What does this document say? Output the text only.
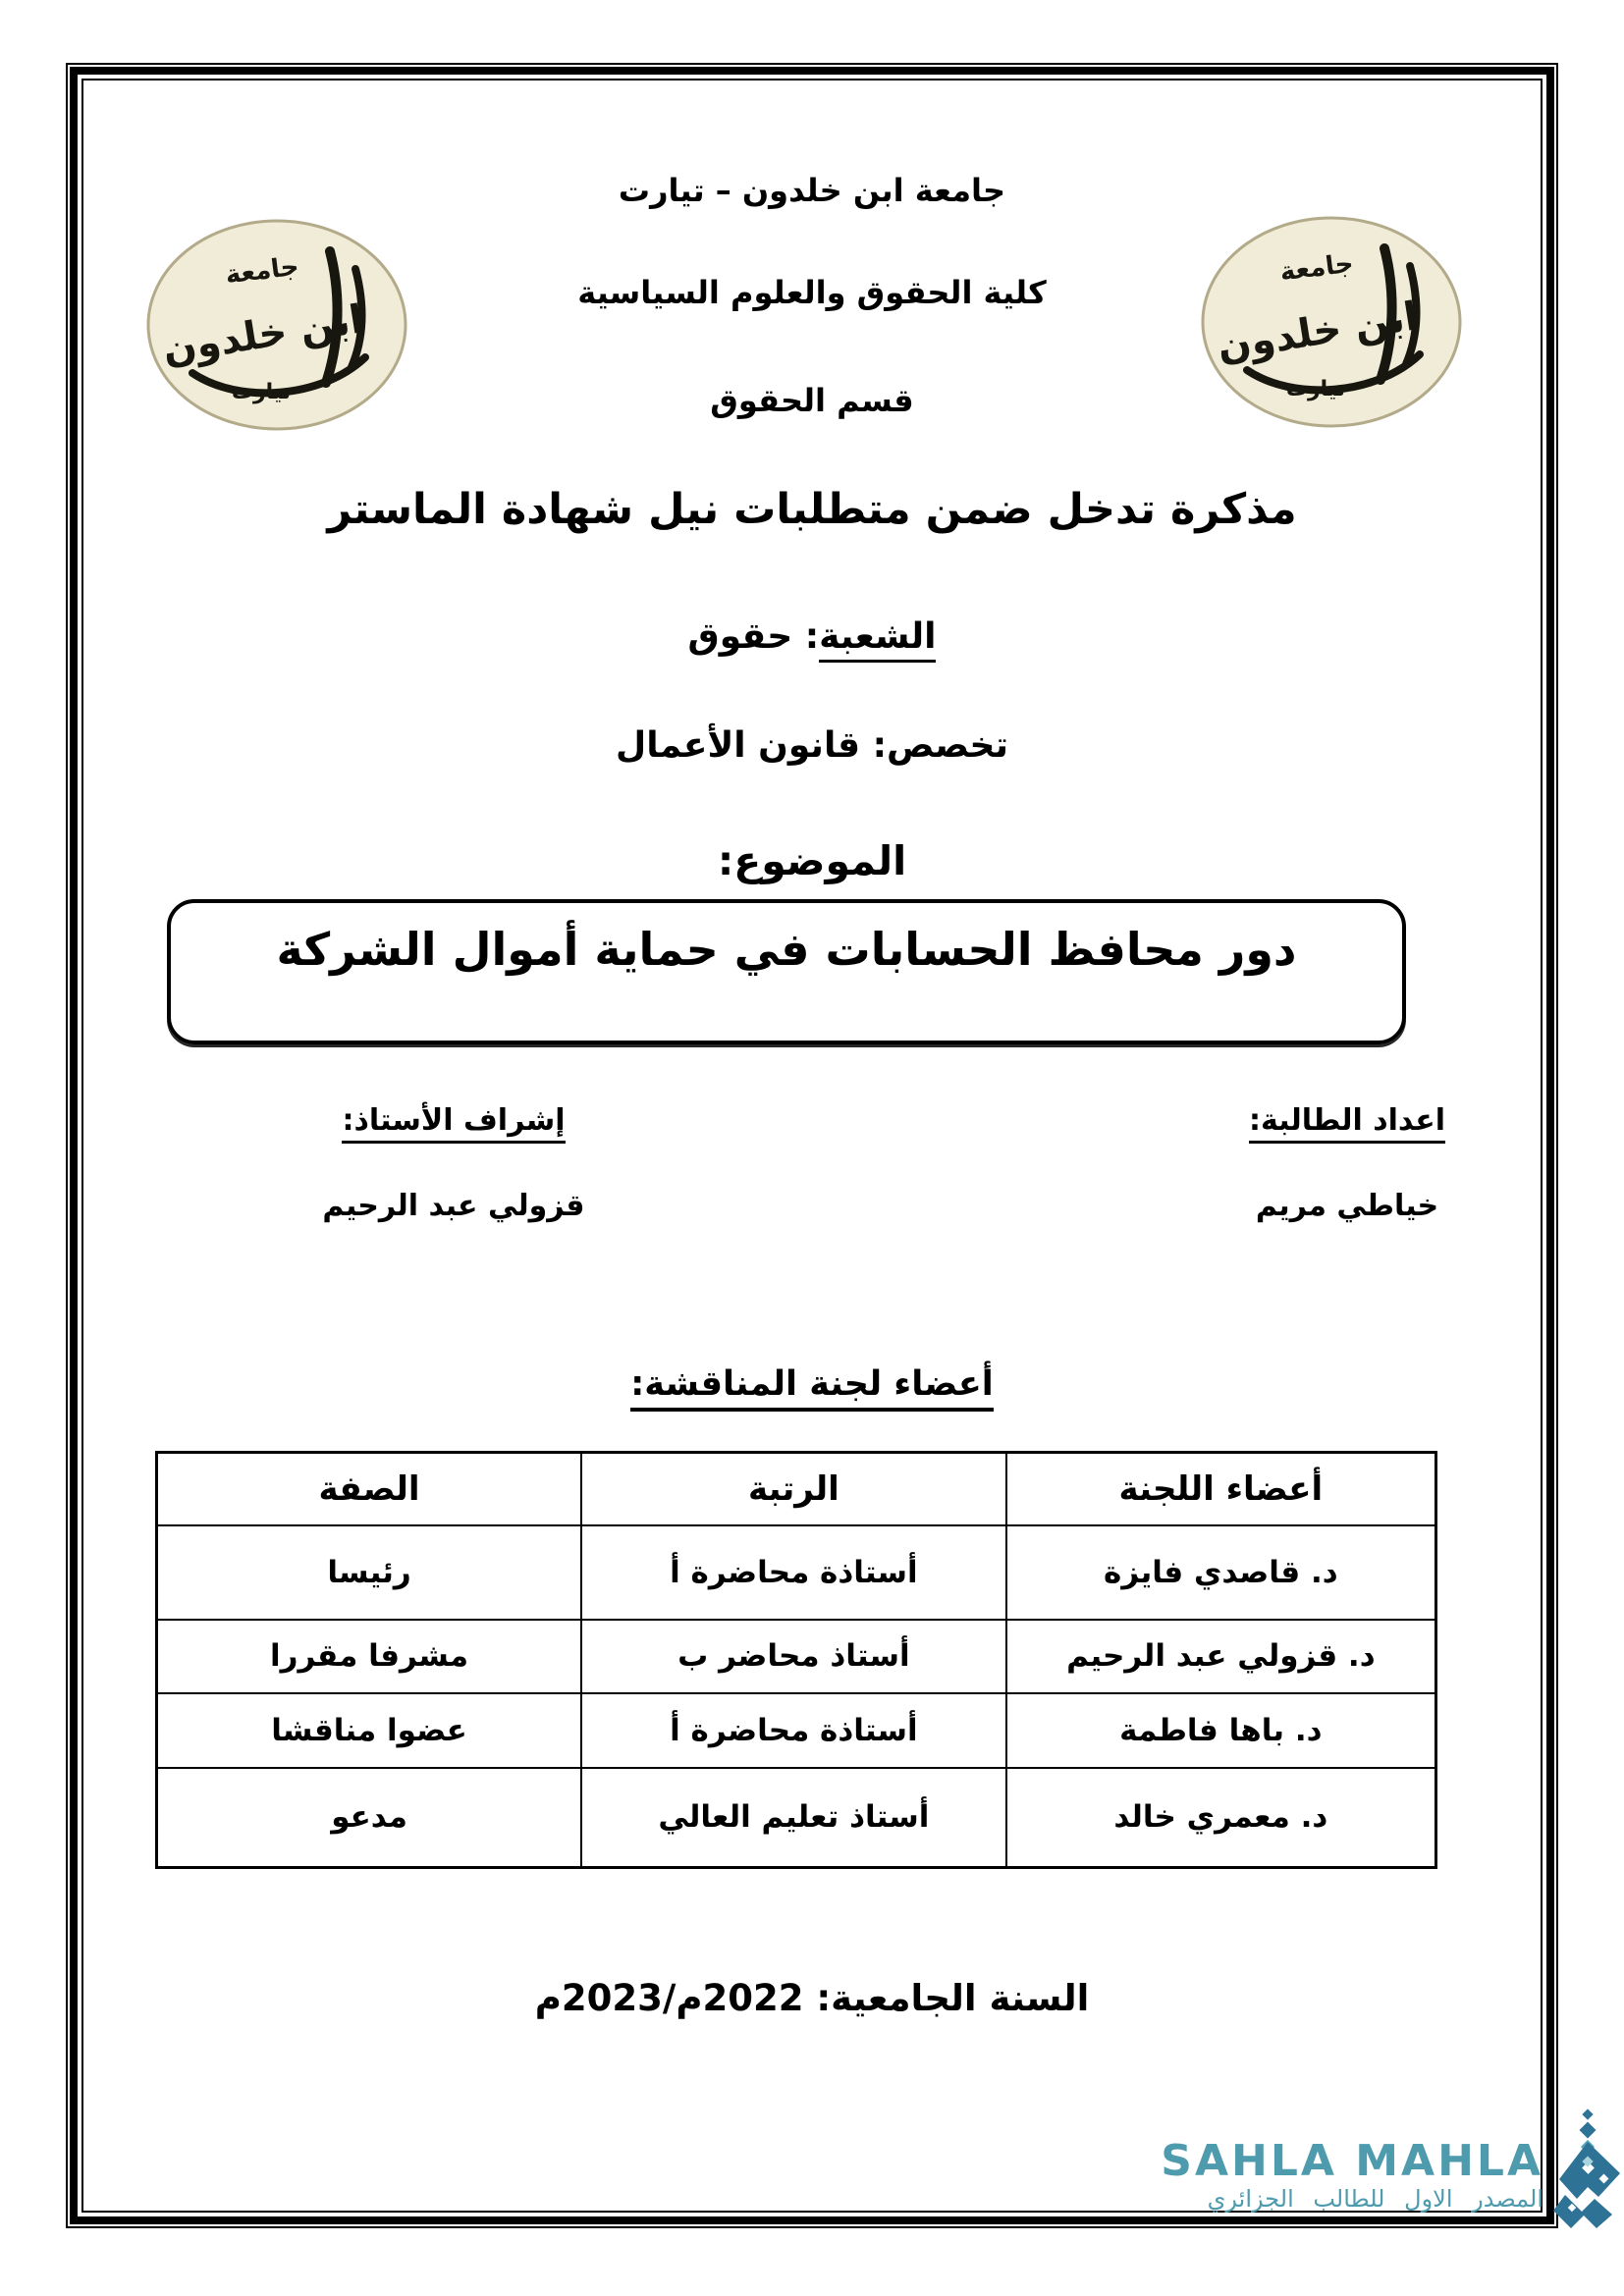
جامعة
ابن خلدون
تيارت
جامعة
ابن خلدون
تيارت
جامعة ابن خلدون – تيارت
كلية الحقوق والعلوم السياسية
قسم الحقوق
مذكرة تدخل ضمن متطلبات نيل شهادة الماستر
الشعبة: حقوق
تخصص: قانون الأعمال
الموضوع:
دور محافظ الحسابات في حماية أموال الشركة
اعداد الطالبة:
خياطي مريم
إشراف الأستاذ:
قزولي عبد الرحيم
أعضاء لجنة المناقشة:
أعضاء اللجنة	الرتبة	الصفة
د. قاصدي فايزة	أستاذة محاضرة أ	رئيسا
د. قزولي عبد الرحيم	أستاذ محاضر ب	مشرفا مقررا
د. باها فاطمة	أستاذة محاضرة أ	عضوا مناقشا
د. معمري خالد	أستاذ تعليم العالي	مدعو
السنة الجامعية: 2022م/2023م
SAHLA MAHLA
المصدر الاول للطالب الجزائري
